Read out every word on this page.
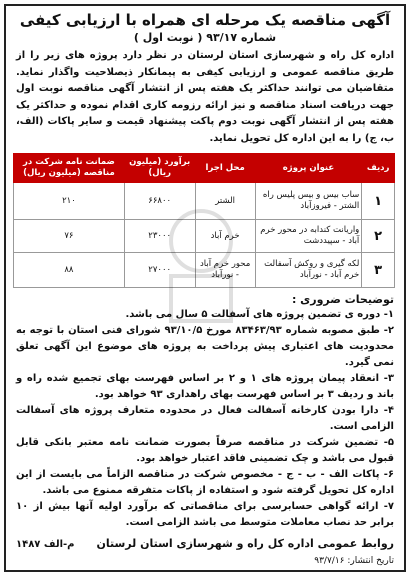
آگهی مناقصه یک مرحله ای همراه با ارزیابی کیفی
شماره ۹۳/۱۷ ( نوبت اول )
اداره کل راه و شهرسازی استان لرستان در نظر دارد پروژه های زیر را از طریق مناقصه عمومی و ارزیابی کیفی به پیمانکار ذیصلاحیت واگذار نماید. متقاضیان می توانند حداکثر یک هفته پس از انتشار آگهی مناقصه نوبت اول جهت دریافت اسناد مناقصه و نیز ارائه رزومه کاری اقدام نموده و حداکثر یک هفته پس از انتشار آگهی نوبت دوم پاکت پیشنهاد قیمت و سایر پاکات (الف، ب، ج) را به این اداره کل تحویل نماید.
ردیف	عنوان پروژه	محل اجرا	برآورد (میلیون ریال)	ضمانت نامه شرکت در مناقصه (میلیون ریال)
۱	ساب بیس و بیس پلیس راه الشتر - فیروزآباد	الشتر	۶۶۸۰۰	۲۱۰
۲	واریانت کندابه در محور خرم آباد - سپیددشت	خرم آباد	۲۳۰۰۰	۷۶
۳	لکه گیری و روکش آسفالت خرم آباد - نورآباد	محور خرم آباد - نورآباد	۲۷۰۰۰	۸۸
توضیحات ضروری :
۱- دوره ی تضمین پروژه های آسفالت ۵ سال می باشد.
۲- طبق مصوبه شماره ۸۳۴۶۳/۹۳ مورخ ۹۳/۱۰/۵ شورای فنی استان با توجه به محدودیت های اعتباری پیش پرداخت به پروژه های موضوع این آگهی تعلق نمی گیرد.
۳- انعقاد پیمان پروژه های ۱ و ۲ بر اساس فهرست بهای تجمیع شده راه و باند و ردیف ۳ بر اساس فهرست بهای راهداری ۹۳ خواهد بود.
۴- دارا بودن کارخانه آسفالت فعال در محدوده متعارف پروژه های آسفالت الزامی است.
۵- تضمین شرکت در مناقصه صرفاً بصورت ضمانت نامه معتبر بانکی قابل قبول می باشد و چک تضمینی فاقد اعتبار خواهد بود.
۶- پاکات الف - ب - ج - مخصوص شرکت در مناقصه الزاماً می بایست از این اداره کل تحویل گرفته شود و استفاده از پاکات متفرقه ممنوع می باشد.
۷- ارائه گواهی حسابرسی برای مناقصاتی که برآورد اولیه آنها بیش از ۱۰ برابر حد نصاب معاملات متوسط می باشد الزامی است.
روابط عمومی اداره کل راه و شهرسازی استان لرستان
م-الف ۱۴۸۷
تاریخ انتشار: ۹۳/۷/۱۶
